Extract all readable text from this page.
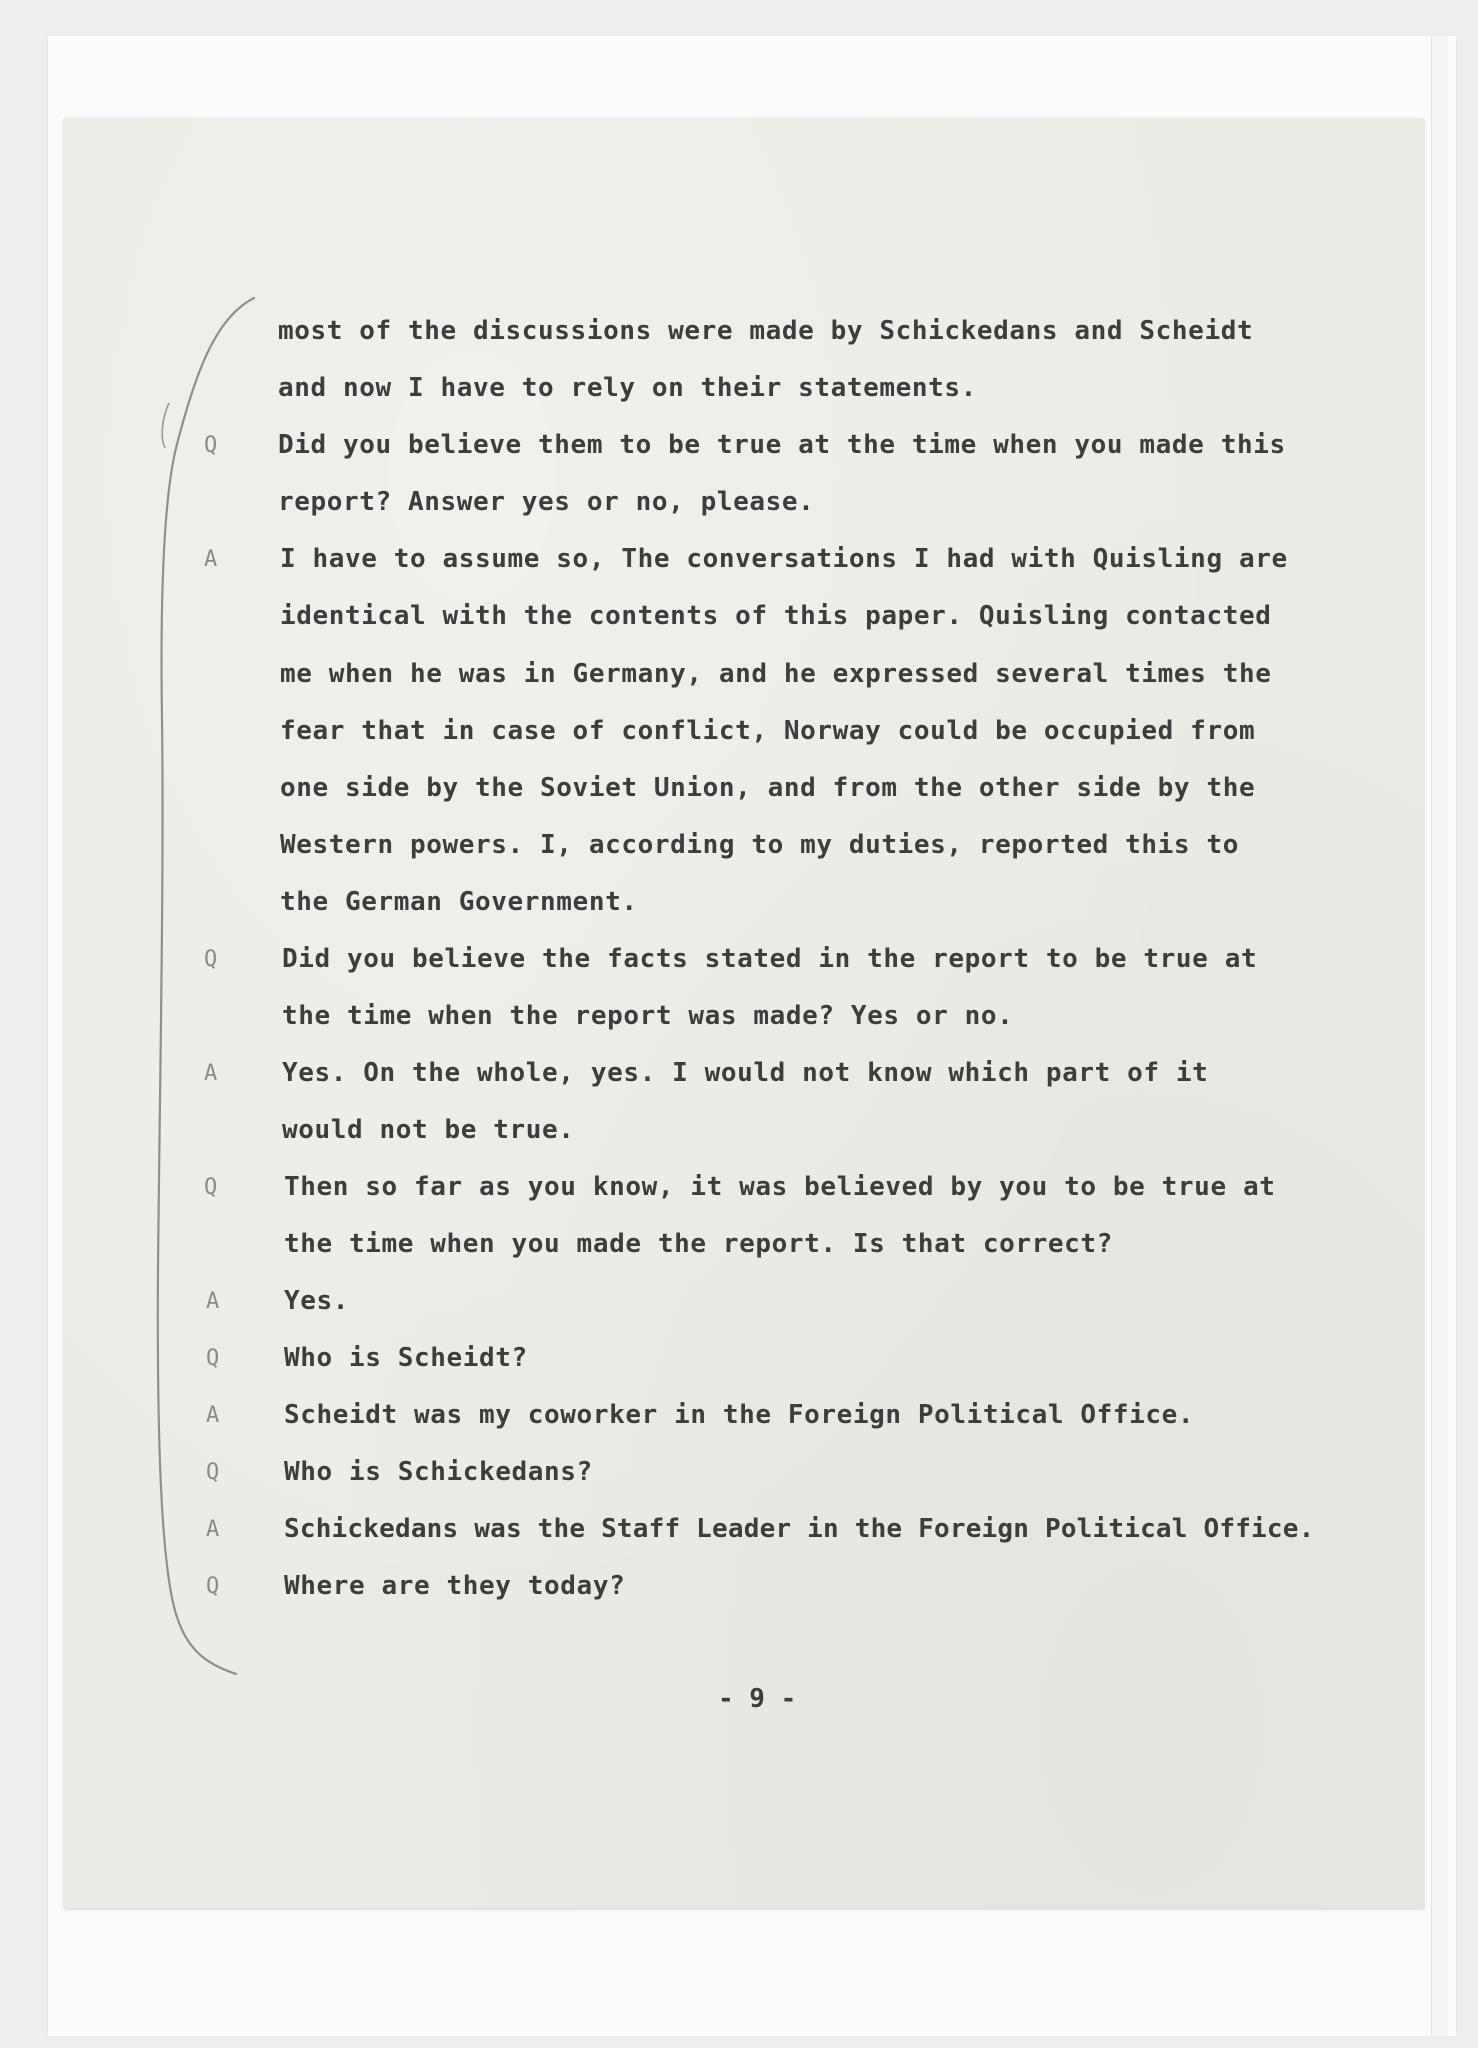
most of the discussions were made by Schickedans and Scheidt
and now I have to rely on their statements.
Q Did you believe them to be true at the time when you made this
report? Answer yes or no, please.
A I have to assume so, The conversations I had with Quisling are
identical with the contents of this paper. Quisling contacted
me when he was in Germany, and he expressed several times the
fear that in case of conflict, Norway could be occupied from
one side by the Soviet Union, and from the other side by the
Western powers. I, according to my duties, reported this to
the German Government.
Q Did you believe the facts stated in the report to be true at
the time when the report was made? Yes or no.
A Yes. On the whole, yes. I would not know which part of it
would not be true.
Q	Then so far as you know, it was believed by you to be true at
the time when you made the report. Is that correct?
A Yes.
Q Who is Scheidt?
A Scheidt was my coworker in the Foreign Political Office.
Q Who is Schickedans?
A Schickedans was the Staff Leader in the Foreign Political Office.
Q Where are they today?
- 9 -
